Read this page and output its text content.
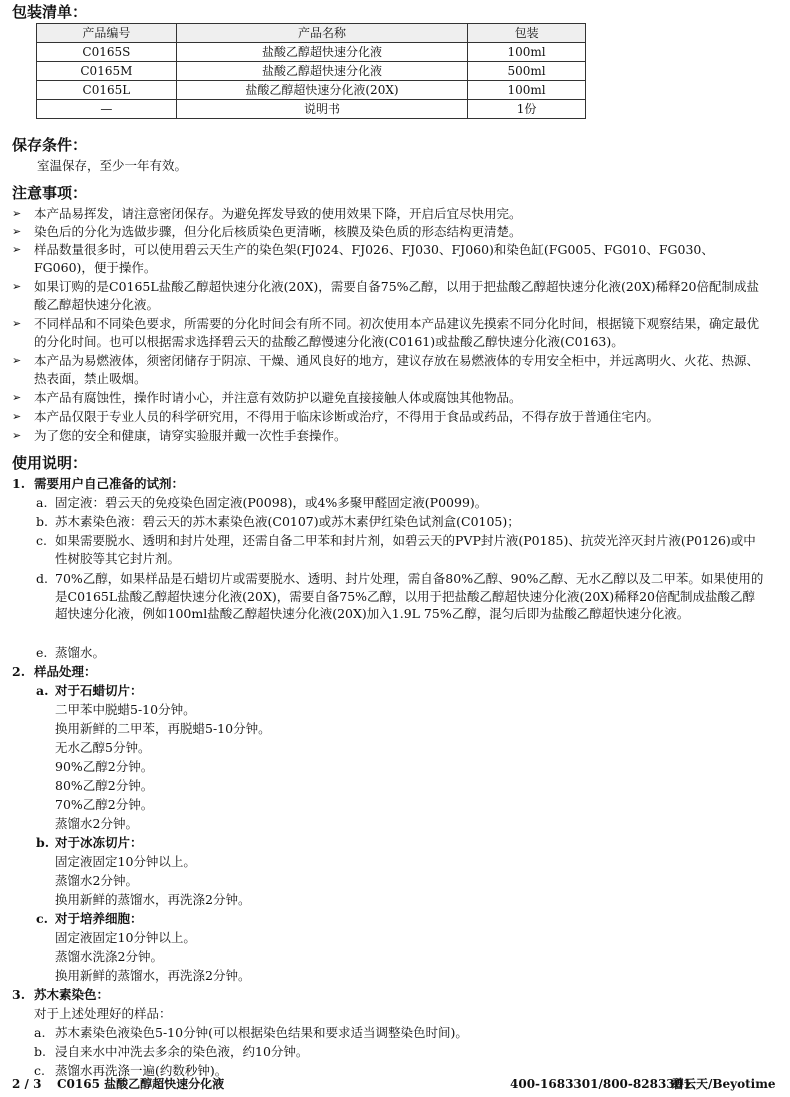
包装清单：
产品编号	产品名称	包装
C0165S	盐酸乙醇超快速分化液	100ml
C0165M	盐酸乙醇超快速分化液	500ml
C0165L	盐酸乙醇超快速分化液(20X)	100ml
—	说明书	1份
保存条件：
室温保存，至少一年有效。
注意事项：
➢ 本产品易挥发，请注意密闭保存。为避免挥发导致的使用效果下降，开启后宜尽快用完。
➢ 染色后的分化为选做步骤，但分化后核质染色更清晰，核膜及染色质的形态结构更清楚。
➢ 样品数量很多时，可以使用碧云天生产的染色架(FJ024、FJ026、FJ030、FJ060)和染色缸(FG005、FG010、FG030、FG060)，便于操作。
➢ 如果订购的是C0165L盐酸乙醇超快速分化液(20X)，需要自备75%乙醇，以用于把盐酸乙醇超快速分化液(20X)稀释20倍配制成盐酸乙醇超快速分化液。
➢ 不同样品和不同染色要求，所需要的分化时间会有所不同。初次使用本产品建议先摸索不同分化时间，根据镜下观察结果，确定最优的分化时间。也可以根据需求选择碧云天的盐酸乙醇慢速分化液(C0161)或盐酸乙醇快速分化液(C0163)。
➢ 本产品为易燃液体，须密闭储存于阴凉、干燥、通风良好的地方，建议存放在易燃液体的专用安全柜中，并远离明火、火花、热源、热表面，禁止吸烟。
➢ 本产品有腐蚀性，操作时请小心，并注意有效防护以避免直接接触人体或腐蚀其他物品。
➢ 本产品仅限于专业人员的科学研究用，不得用于临床诊断或治疗，不得用于食品或药品，不得存放于普通住宅内。
➢ 为了您的安全和健康，请穿实验服并戴一次性手套操作。
使用说明：
1. 需要用户自己准备的试剂：
a. 固定液：碧云天的免疫染色固定液(P0098)，或4%多聚甲醛固定液(P0099)。
b. 苏木素染色液：碧云天的苏木素染色液(C0107)或苏木素伊红染色试剂盒(C0105)；
c. 如果需要脱水、透明和封片处理，还需自备二甲苯和封片剂，如碧云天的PVP封片液(P0185)、抗荧光淬灭封片液(P0126)或中性树胶等其它封片剂。
d. 70%乙醇，如果样品是石蜡切片或需要脱水、透明、封片处理，需自备80%乙醇、90%乙醇、无水乙醇以及二甲苯。如果使用的是C0165L盐酸乙醇超快速分化液(20X)，需要自备75%乙醇，以用于把盐酸乙醇超快速分化液(20X)稀释20倍配制成盐酸乙醇超快速分化液，例如100ml盐酸乙醇超快速分化液(20X)加入1.9L 75%乙醇，混匀后即为盐酸乙醇超快速分化液。
e. 蒸馏水。
2. 样品处理：
a. 对于石蜡切片：
二甲苯中脱蜡5-10分钟。
换用新鲜的二甲苯，再脱蜡5-10分钟。
无水乙醇5分钟。
90%乙醇2分钟。
80%乙醇2分钟。
70%乙醇2分钟。
蒸馏水2分钟。
b. 对于冰冻切片：
固定液固定10分钟以上。
蒸馏水2分钟。
换用新鲜的蒸馏水，再洗涤2分钟。
c. 对于培养细胞：
固定液固定10分钟以上。
蒸馏水洗涤2分钟。
换用新鲜的蒸馏水，再洗涤2分钟。
3. 苏木素染色：
对于上述处理好的样品：
a. 苏木素染色液染色5-10分钟(可以根据染色结果和要求适当调整染色时间)。
b. 浸自来水中冲洗去多余的染色液，约10分钟。
c. 蒸馏水再洗涤一遍(约数秒钟)。
2 / 3 C0165 盐酸乙醇超快速分化液	400-1683301/800-8283301
碧云天/Beyotime
